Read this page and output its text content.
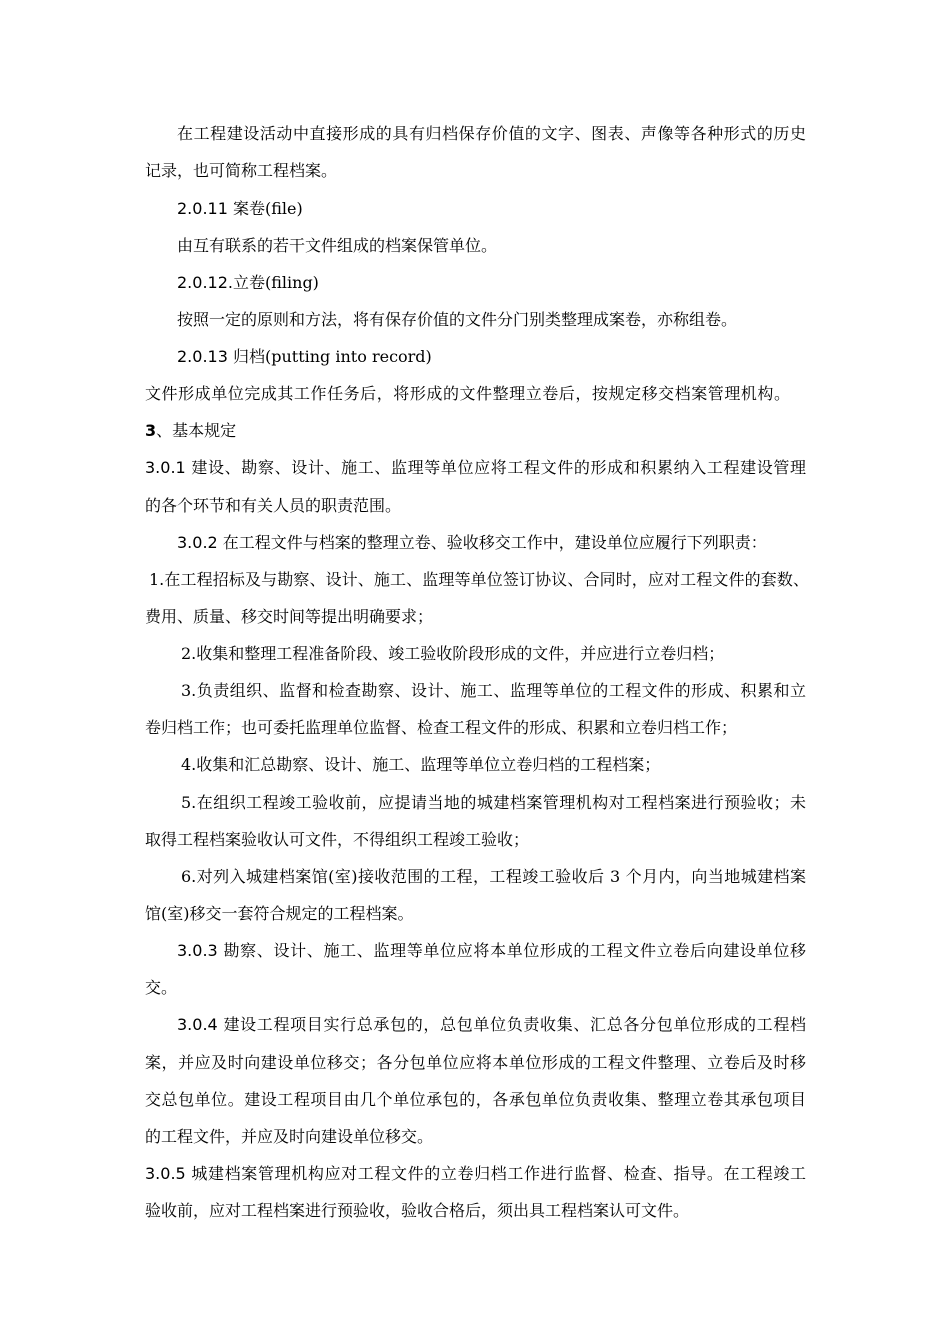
在工程建设活动中直接形成的具有归档保存价值的文字、图表、声像等各种形式的历史
记录，也可简称工程档案。
2.0.11 案卷(file)
由互有联系的若干文件组成的档案保管单位。
2.0.12.立卷(filing)
按照一定的原则和方法，将有保存价值的文件分门别类整理成案卷，亦称组卷。
2.0.13 归档(putting into record)
文件形成单位完成其工作任务后，将形成的文件整理立卷后，按规定移交档案管理机构。
3、基本规定
3.0.1 建设、勘察、设计、施工、监理等单位应将工程文件的形成和积累纳入工程建设管理
的各个环节和有关人员的职责范围。
3.0.2 在工程文件与档案的整理立卷、验收移交工作中，建设单位应履行下列职责：
1.在工程招标及与勘察、设计、施工、监理等单位签订协议、合同时，应对工程文件的套数、
费用、质量、移交时间等提出明确要求；
2.收集和整理工程准备阶段、竣工验收阶段形成的文件，并应进行立卷归档；
3.负责组织、监督和检查勘察、设计、施工、监理等单位的工程文件的形成、积累和立
卷归档工作；也可委托监理单位监督、检查工程文件的形成、积累和立卷归档工作；
4.收集和汇总勘察、设计、施工、监理等单位立卷归档的工程档案；
5.在组织工程竣工验收前，应提请当地的城建档案管理机构对工程档案进行预验收；未
取得工程档案验收认可文件，不得组织工程竣工验收；
6.对列入城建档案馆(室)接收范围的工程，工程竣工验收后 3 个月内，向当地城建档案
馆(室)移交一套符合规定的工程档案。
3.0.3 勘察、设计、施工、监理等单位应将本单位形成的工程文件立卷后向建设单位移
交。
3.0.4 建设工程项目实行总承包的，总包单位负责收集、汇总各分包单位形成的工程档
案，并应及时向建设单位移交；各分包单位应将本单位形成的工程文件整理、立卷后及时移
交总包单位。建设工程项目由几个单位承包的，各承包单位负责收集、整理立卷其承包项目
的工程文件，并应及时向建设单位移交。
3.0.5 城建档案管理机构应对工程文件的立卷归档工作进行监督、检查、指导。在工程竣工
验收前，应对工程档案进行预验收，验收合格后，须出具工程档案认可文件。
